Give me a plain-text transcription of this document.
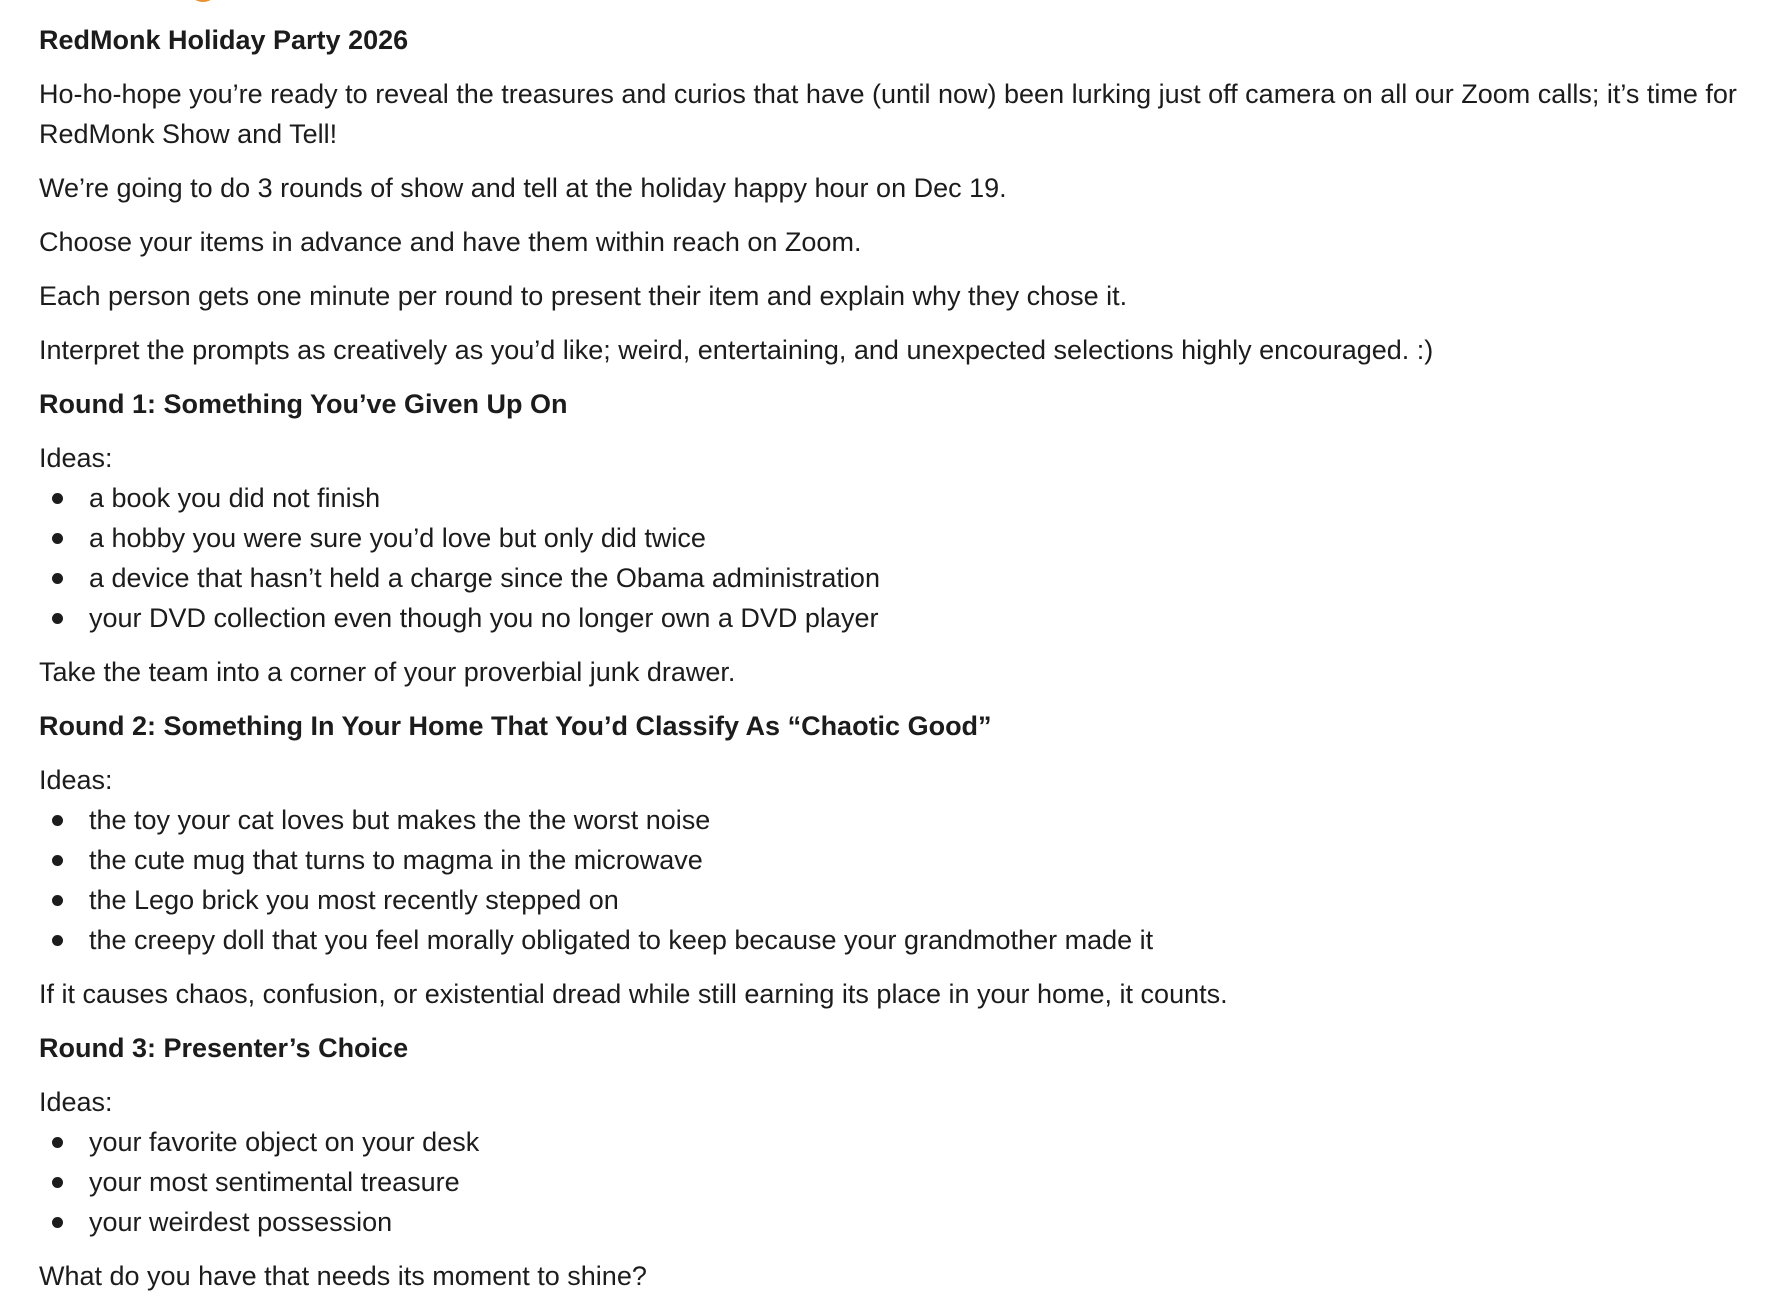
RedMonk Holiday Party 2026
Ho-ho-hope you’re ready to reveal the treasures and curios that have (until now) been lurking just off camera on all our Zoom calls; it’s time for RedMonk Show and Tell!
We’re going to do 3 rounds of show and tell at the holiday happy hour on Dec 19.
Choose your items in advance and have them within reach on Zoom.
Each person gets one minute per round to present their item and explain why they chose it.
Interpret the prompts as creatively as you’d like; weird, entertaining, and unexpected selections highly encouraged. :)
Round 1: Something You’ve Given Up On
Ideas:
a book you did not finish
a hobby you were sure you’d love but only did twice
a device that hasn’t held a charge since the Obama administration
your DVD collection even though you no longer own a DVD player
Take the team into a corner of your proverbial junk drawer.
Round 2: Something In Your Home That You’d Classify As “Chaotic Good”
Ideas:
the toy your cat loves but makes the the worst noise
the cute mug that turns to magma in the microwave
the Lego brick you most recently stepped on
the creepy doll that you feel morally obligated to keep because your grandmother made it
If it causes chaos, confusion, or existential dread while still earning its place in your home, it counts.
Round 3: Presenter’s Choice
Ideas:
your favorite object on your desk
your most sentimental treasure
your weirdest possession
What do you have that needs its moment to shine?
